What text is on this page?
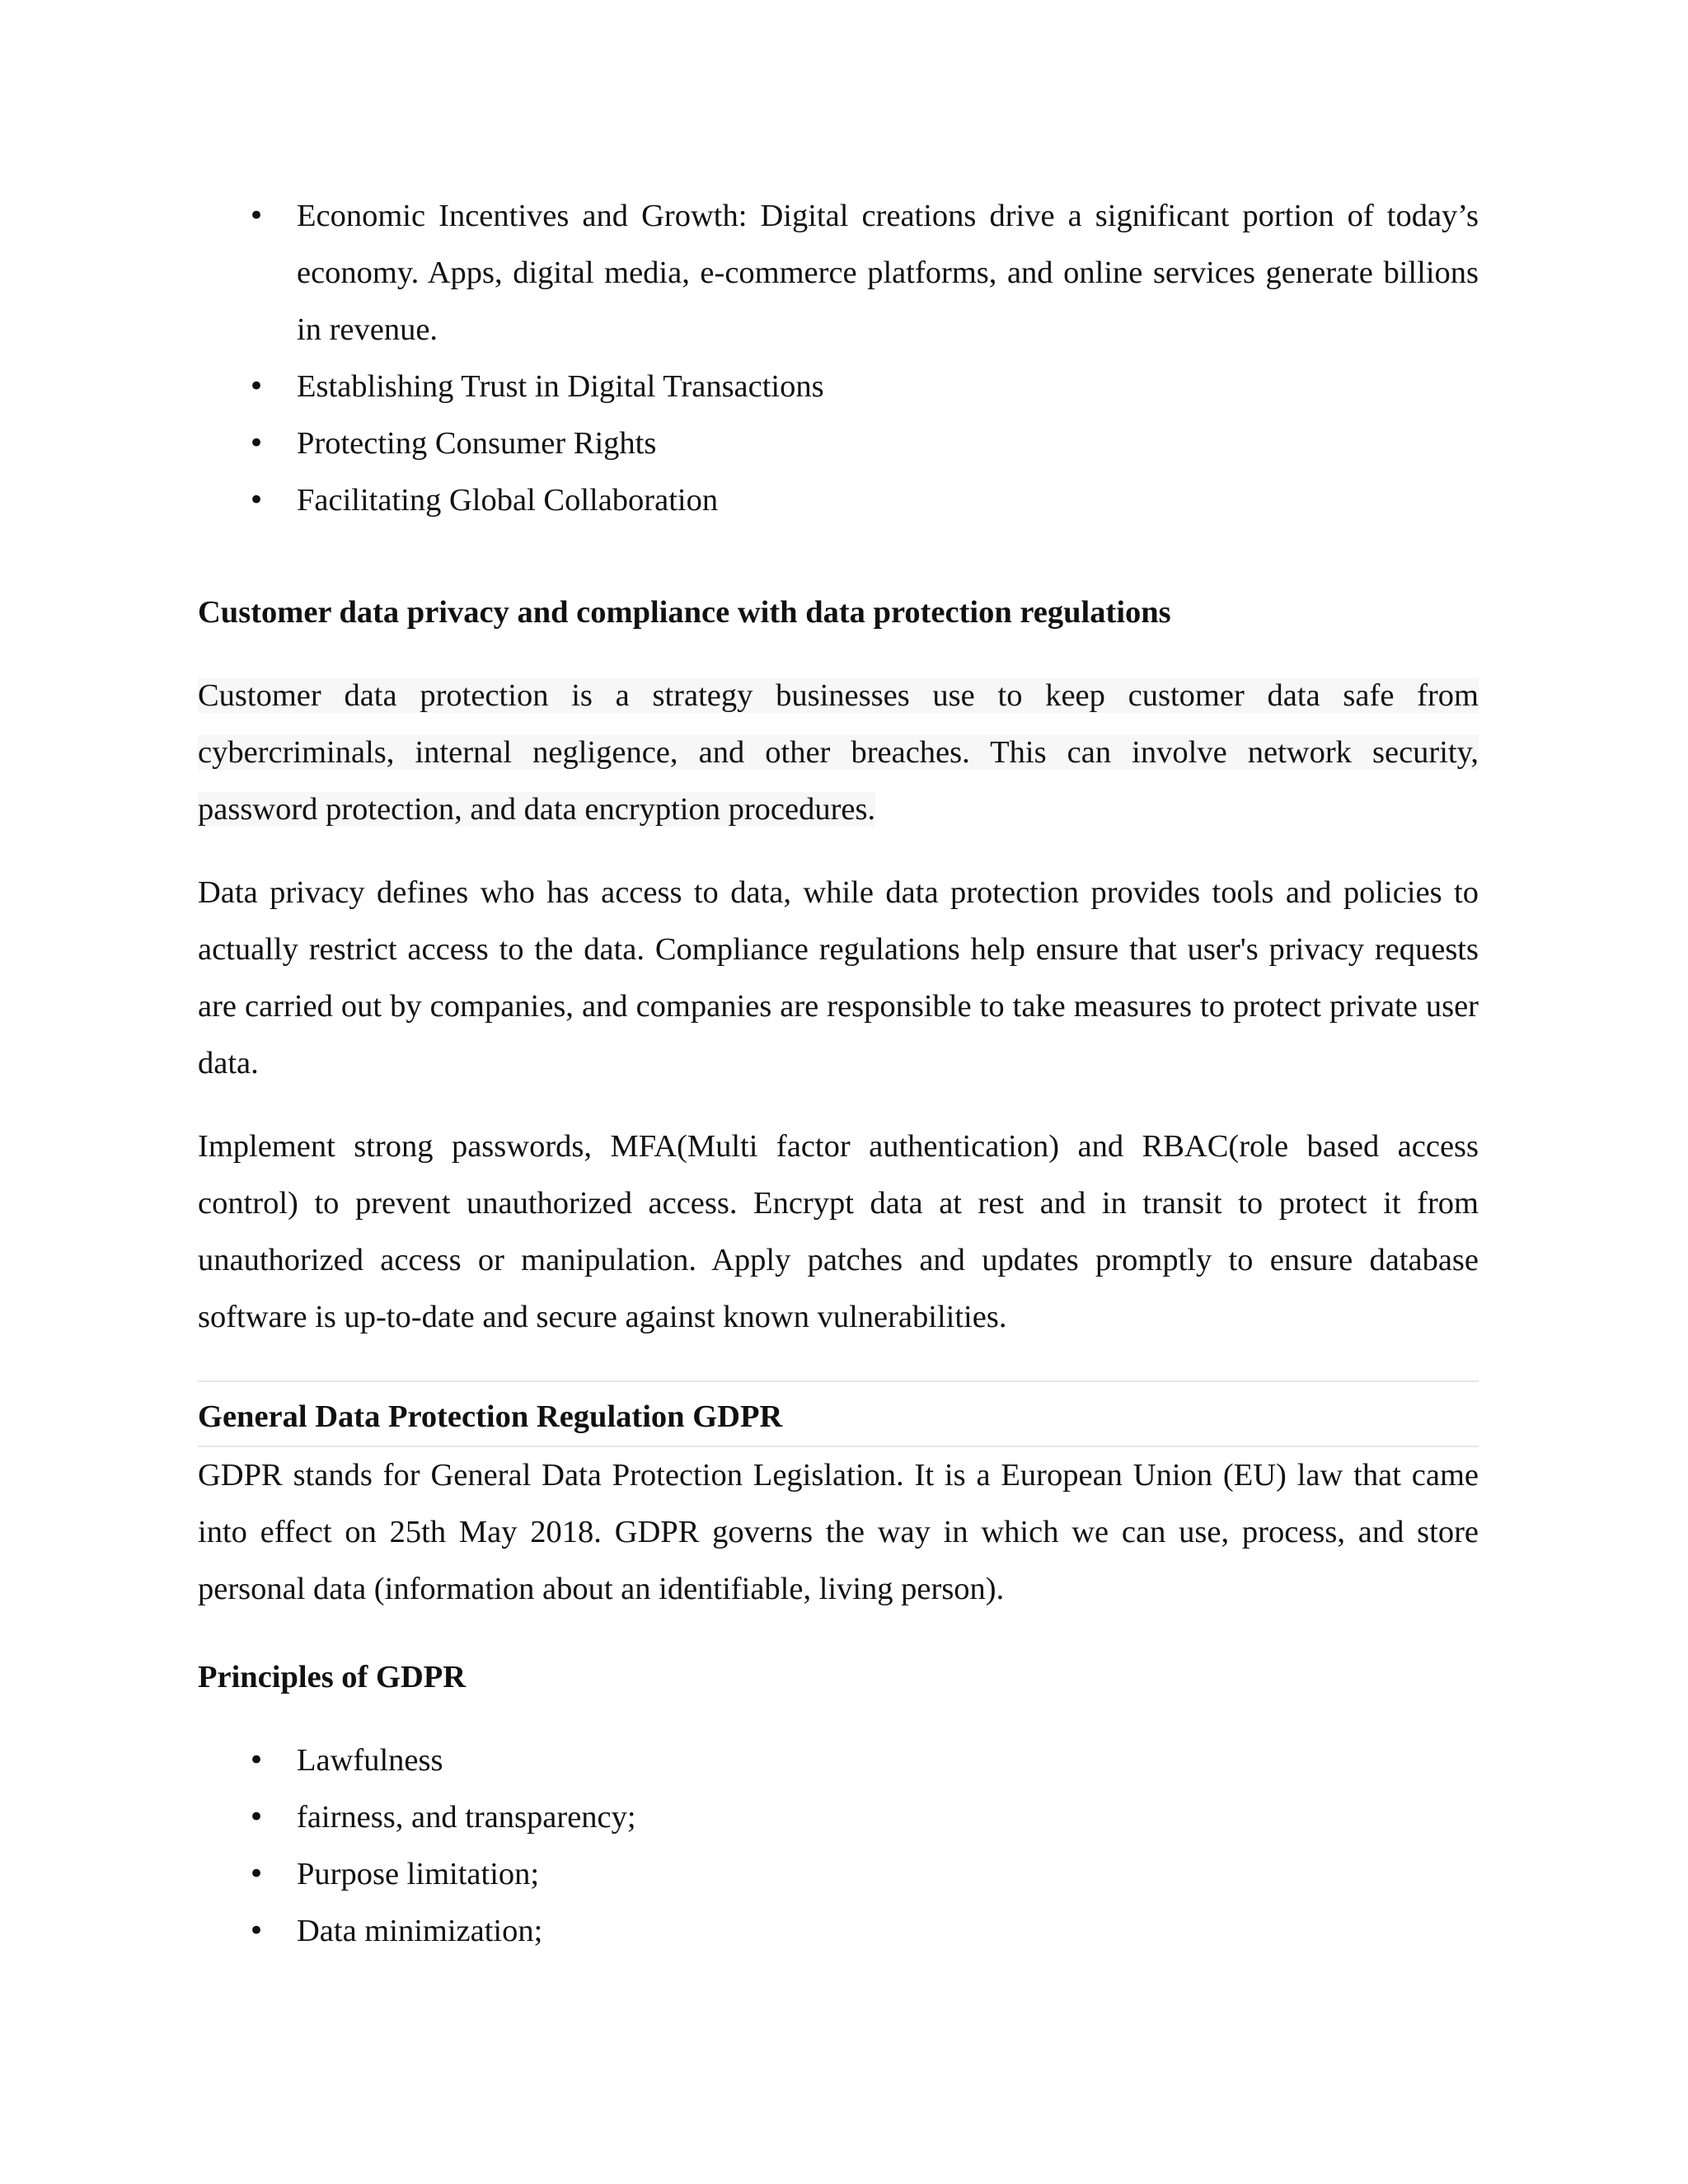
• Economic Incentives and Growth: Digital creations drive a significant portion of today’s economy. Apps, digital media, e-commerce platforms, and online services generate billions in revenue.
• Establishing Trust in Digital Transactions
• Protecting Consumer Rights
• Facilitating Global Collaboration
Customer data privacy and compliance with data protection regulations

Customer data protection is a strategy businesses use to keep customer data safe from cybercriminals, internal negligence, and other breaches. This can involve network security, password protection, and data encryption procedures.

Data privacy defines who has access to data, while data protection provides tools and policies to actually restrict access to the data. Compliance regulations help ensure that user's privacy requests are carried out by companies, and companies are responsible to take measures to protect private user data.

Implement strong passwords, MFA(Multi factor authentication) and RBAC(role based access control) to prevent unauthorized access. Encrypt data at rest and in transit to protect it from unauthorized access or manipulation. Apply patches and updates promptly to ensure database software is up-to-date and secure against known vulnerabilities.

General Data Protection Regulation GDPR

GDPR stands for General Data Protection Legislation. It is a European Union (EU) law that came into effect on 25th May 2018. GDPR governs the way in which we can use, process, and store personal data (information about an identifiable, living person).

Principles of GDPR
• Lawfulness
• fairness, and transparency;
• Purpose limitation;
• Data minimization;
